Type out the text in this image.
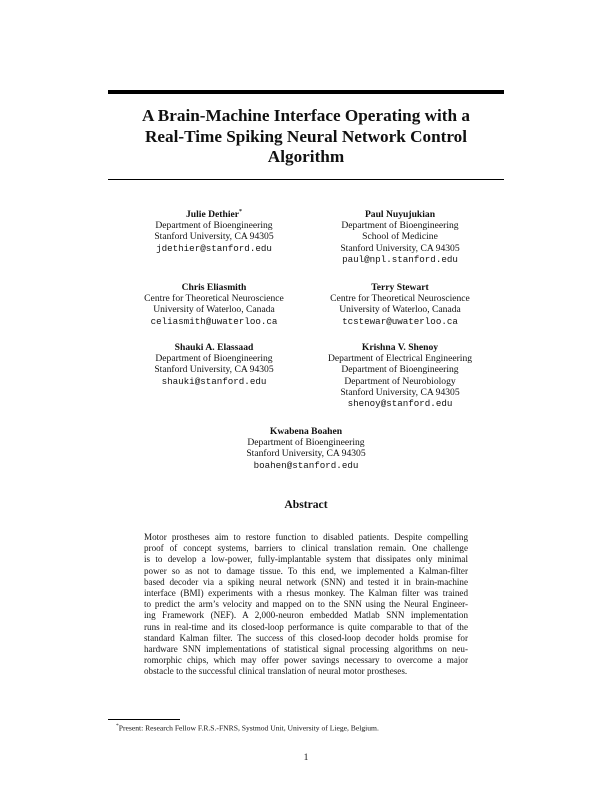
A Brain-Machine Interface Operating with a
Real-Time Spiking Neural Network Control
Algorithm
Julie Dethier*
Department of Bioengineering
Stanford University, CA 94305
jdethier@stanford.edu
Paul Nuyujukian
Department of Bioengineering
School of Medicine
Stanford University, CA 94305
paul@npl.stanford.edu
Chris Eliasmith
Centre for Theoretical Neuroscience
University of Waterloo, Canada
celiasmith@uwaterloo.ca
Terry Stewart
Centre for Theoretical Neuroscience
University of Waterloo, Canada
tcstewar@uwaterloo.ca
Shauki A. Elassaad
Department of Bioengineering
Stanford University, CA 94305
shauki@stanford.edu
Krishna V. Shenoy
Department of Electrical Engineering
Department of Bioengineering
Department of Neurobiology
Stanford University, CA 94305
shenoy@stanford.edu
Kwabena Boahen
Department of Bioengineering
Stanford University, CA 94305
boahen@stanford.edu
Abstract
Motor prostheses aim to restore function to disabled patients. Despite compelling
proof of concept systems, barriers to clinical translation remain. One challenge
is to develop a low-power, fully-implantable system that dissipates only minimal
power so as not to damage tissue. To this end, we implemented a Kalman-filter
based decoder via a spiking neural network (SNN) and tested it in brain-machine
interface (BMI) experiments with a rhesus monkey. The Kalman filter was trained
to predict the arm’s velocity and mapped on to the SNN using the Neural Engineer-
ing Framework (NEF). A 2,000-neuron embedded Matlab SNN implementation
runs in real-time and its closed-loop performance is quite comparable to that of the
standard Kalman filter. The success of this closed-loop decoder holds promise for
hardware SNN implementations of statistical signal processing algorithms on neu-
romorphic chips, which may offer power savings necessary to overcome a major
obstacle to the successful clinical translation of neural motor prostheses.
*Present: Research Fellow F.R.S.-FNRS, Systmod Unit, University of Liege, Belgium.
1
